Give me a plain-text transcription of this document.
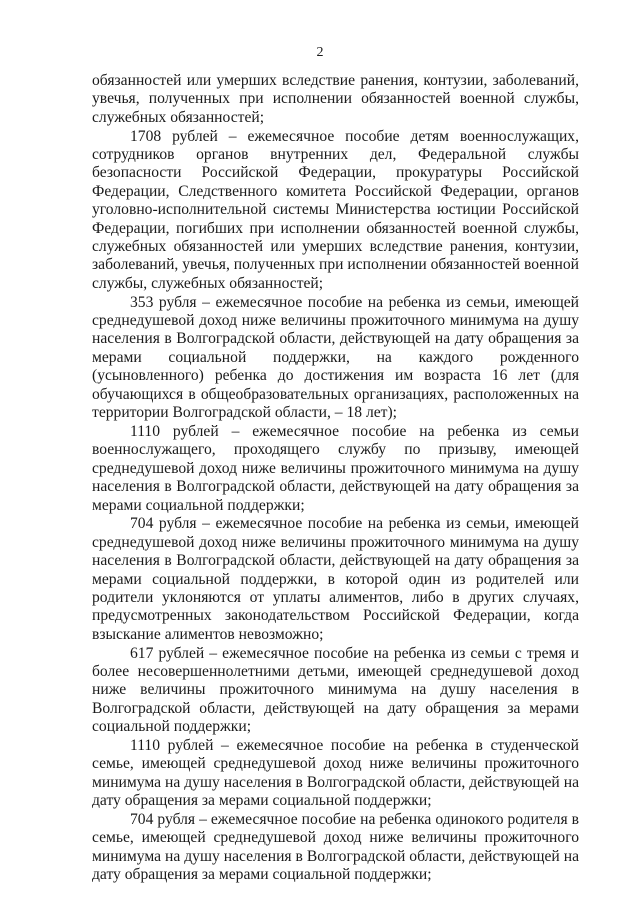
2

обязанностей или умерших вследствие ранения, контузии, заболеваний, увечья, полученных при исполнении обязанностей военной службы, служебных обязанностей;

1708 рублей – ежемесячное пособие детям военнослужащих, сотрудников органов внутренних дел, Федеральной службы безопасности Российской Федерации, прокуратуры Российской Федерации, Следственного комитета Российской Федерации, органов уголовно-исполнительной системы Министерства юстиции Российской Федерации, погибших при исполнении обязанностей военной службы, служебных обязанностей или умерших вследствие ранения, контузии, заболеваний, увечья, полученных при исполнении обязанностей военной службы, служебных обязанностей;

353 рубля – ежемесячное пособие на ребенка из семьи, имеющей среднедушевой доход ниже величины прожиточного минимума на душу населения в Волгоградской области, действующей на дату обращения за мерами социальной поддержки, на каждого рожденного (усыновленного) ребенка до достижения им возраста 16 лет (для обучающихся в общеобразовательных организациях, расположенных на территории Волгоградской области, – 18 лет);

1110 рублей – ежемесячное пособие на ребенка из семьи военнослужащего, проходящего службу по призыву, имеющей среднедушевой доход ниже величины прожиточного минимума на душу населения в Волгоградской области, действующей на дату обращения за мерами социальной поддержки;

704 рубля – ежемесячное пособие на ребенка из семьи, имеющей среднедушевой доход ниже величины прожиточного минимума на душу населения в Волгоградской области, действующей на дату обращения за мерами социальной поддержки, в которой один из родителей или родители уклоняются от уплаты алиментов, либо в других случаях, предусмотренных законодательством Российской Федерации, когда взыскание алиментов невозможно;

617 рублей – ежемесячное пособие на ребенка из семьи с тремя и более несовершеннолетними детьми, имеющей среднедушевой доход ниже величины прожиточного минимума на душу населения в Волгоградской области, действующей на дату обращения за мерами социальной поддержки;

1110 рублей – ежемесячное пособие на ребенка в студенческой семье, имеющей среднедушевой доход ниже величины прожиточного минимума на душу населения в Волгоградской области, действующей на дату обращения за мерами социальной поддержки;

704 рубля – ежемесячное пособие на ребенка одинокого родителя в семье, имеющей среднедушевой доход ниже величины прожиточного минимума на душу населения в Волгоградской области, действующей на дату обращения за мерами социальной поддержки;
